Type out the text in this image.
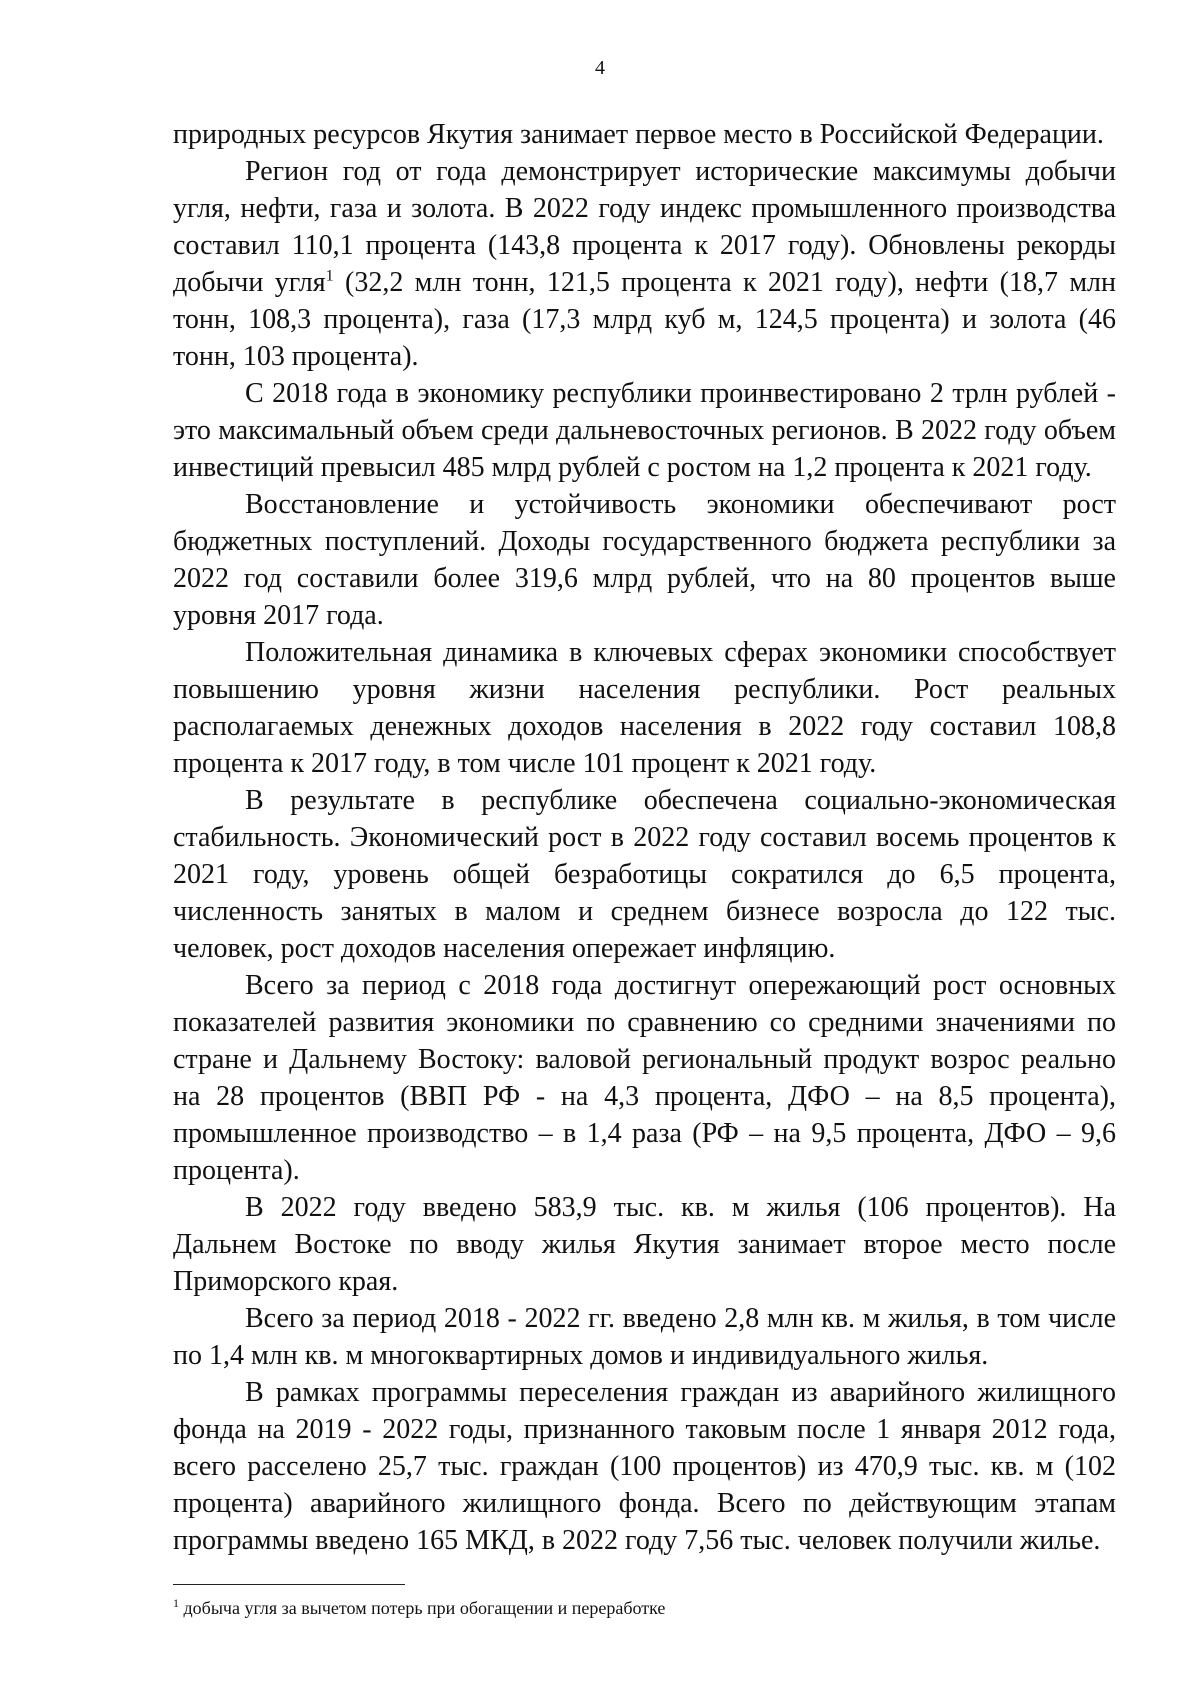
4

природных ресурсов Якутия занимает первое место в Российской Федерации.

Регион год от года демонстрирует исторические максимумы добычи угля, нефти, газа и золота. В 2022 году индекс промышленного производства составил 110,1 процента (143,8 процента к 2017 году). Обновлены рекорды добычи угля$^1$ (32,2 млн тонн, 121,5 процента к 2021 году), нефти (18,7 млн тонн, 108,3 процента), газа (17,3 млрд куб м, 124,5 процента) и золота (46 тонн, 103 процента).

С 2018 года в экономику республики проинвестировано 2 трлн рублей - это максимальный объем среди дальневосточных регионов. В 2022 году объем инвестиций превысил 485 млрд рублей с ростом на 1,2 процента к 2021 году.

Восстановление и устойчивость экономики обеспечивают рост бюджетных поступлений. Доходы государственного бюджета республики за 2022 год составили более 319,6 млрд рублей, что на 80 процентов выше уровня 2017 года.

Положительная динамика в ключевых сферах экономики способствует повышению уровня жизни населения республики. Рост реальных располагаемых денежных доходов населения в 2022 году составил 108,8 процента к 2017 году, в том числе 101 процент к 2021 году.

В результате в республике обеспечена социально-экономическая стабильность. Экономический рост в 2022 году составил восемь процентов к 2021 году, уровень общей безработицы сократился до 6,5 процента, численность занятых в малом и среднем бизнесе возросла до 122 тыс. человек, рост доходов населения опережает инфляцию.

Всего за период с 2018 года достигнут опережающий рост основных показателей развития экономики по сравнению со средними значениями по стране и Дальнему Востоку: валовой региональный продукт возрос реально на 28 процентов (ВВП РФ - на 4,3 процента, ДФО – на 8,5 процента), промышленное производство – в 1,4 раза (РФ – на 9,5 процента, ДФО – 9,6 процента).

В 2022 году введено 583,9 тыс. кв. м жилья (106 процентов). На Дальнем Востоке по вводу жилья Якутия занимает второе место после Приморского края.

Всего за период 2018 - 2022 гг. введено 2,8 млн кв. м жилья, в том числе по 1,4 млн кв. м многоквартирных домов и индивидуального жилья.

В рамках программы переселения граждан из аварийного жилищного фонда на 2019 - 2022 годы, признанного таковым после 1 января 2012 года, всего расселено 25,7 тыс. граждан (100 процентов) из 470,9 тыс. кв. м (102 процента) аварийного жилищного фонда. Всего по действующим этапам программы введено 165 МКД, в 2022 году 7,56 тыс. человек получили жилье.

$^1$ добыча угля за вычетом потерь при обогащении и переработке
